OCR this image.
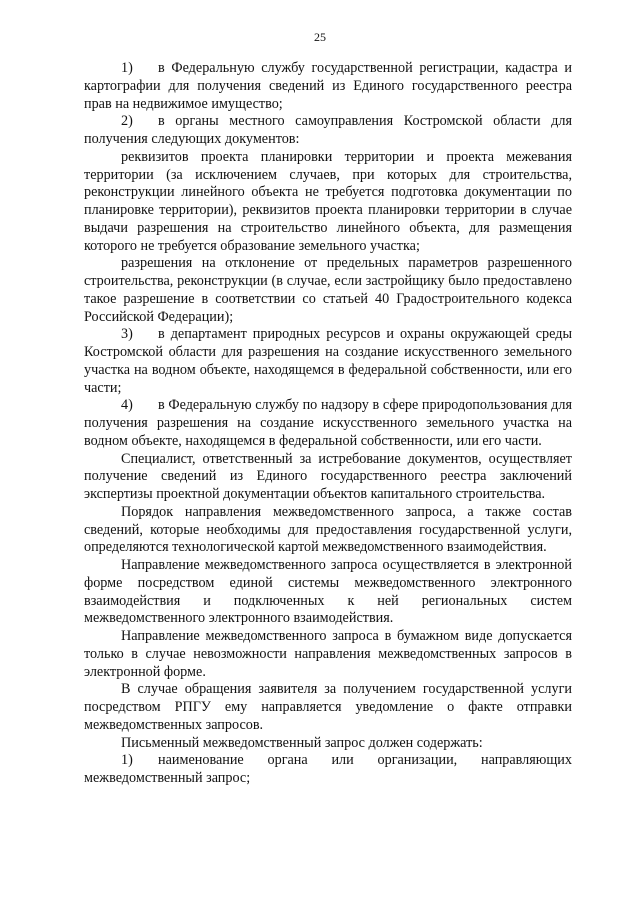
25

1) в Федеральную службу государственной регистрации, кадастра и картографии для получения сведений из Единого государственного реестра прав на недвижимое имущество;

2) в органы местного самоуправления Костромской области для получения следующих документов:

реквизитов проекта планировки территории и проекта межевания территории (за исключением случаев, при которых для строительства, реконструкции линейного объекта не требуется подготовка документации по планировке территории), реквизитов проекта планировки территории в случае выдачи разрешения на строительство линейного объекта, для размещения которого не требуется образование земельного участка;

разрешения на отклонение от предельных параметров разрешенного строительства, реконструкции (в случае, если застройщику было предоставлено такое разрешение в соответствии со статьей 40 Градостроительного кодекса Российской Федерации);

3) в департамент природных ресурсов и охраны окружающей среды Костромской области для разрешения на создание искусственного земельного участка на водном объекте, находящемся в федеральной собственности, или его части;

4) в Федеральную службу по надзору в сфере природопользования для получения разрешения на создание искусственного земельного участка на водном объекте, находящемся в федеральной собственности, или его части.

Специалист, ответственный за истребование документов, осуществляет получение сведений из Единого государственного реестра заключений экспертизы проектной документации объектов капитального строительства.

Порядок направления межведомственного запроса, а также состав сведений, которые необходимы для предоставления государственной услуги, определяются технологической картой межведомственного взаимодействия.

Направление межведомственного запроса осуществляется в электронной форме посредством единой системы межведомственного электронного взаимодействия и подключенных к ней региональных систем межведомственного электронного взаимодействия.

Направление межведомственного запроса в бумажном виде допускается только в случае невозможности направления межведомственных запросов в электронной форме.

В случае обращения заявителя за получением государственной услуги посредством РПГУ ему направляется уведомление о факте отправки межведомственных запросов.

Письменный межведомственный запрос должен содержать:

1) наименование органа или организации, направляющих межведомственный запрос;
